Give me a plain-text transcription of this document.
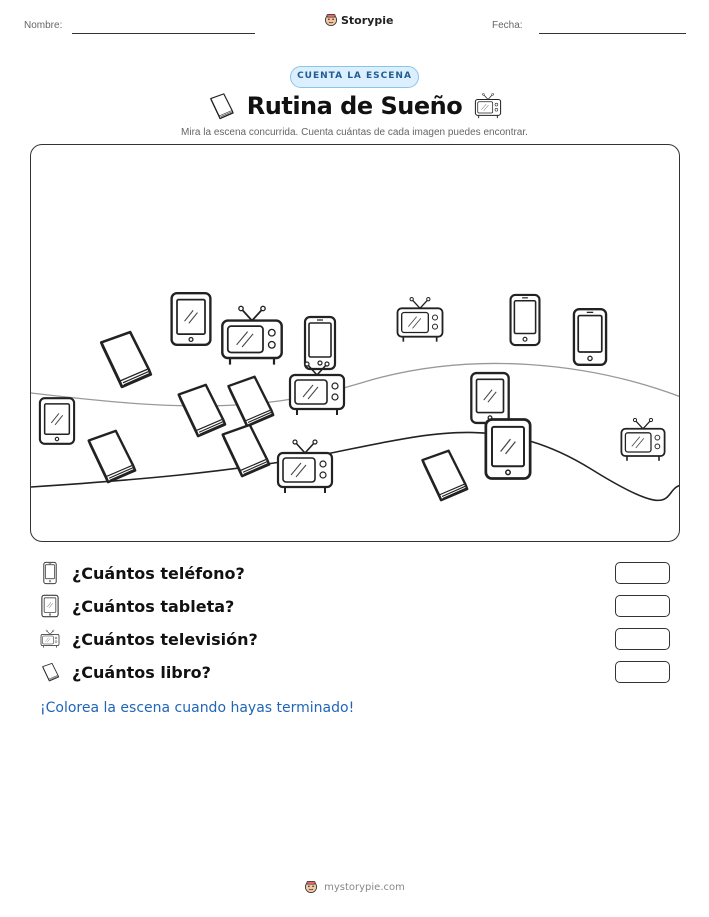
Nombre:	Storypie	Fecha:
CUENTA LA ESCENA
Rutina de Sueño
Mira la escena concurrida. Cuenta cuántas de cada imagen puedes encontrar.
¿Cuántos teléfono?
¿Cuántos tableta?
¿Cuántos televisión?
¿Cuántos libro?
¡Colorea la escena cuando hayas terminado!
mystorypie.com
